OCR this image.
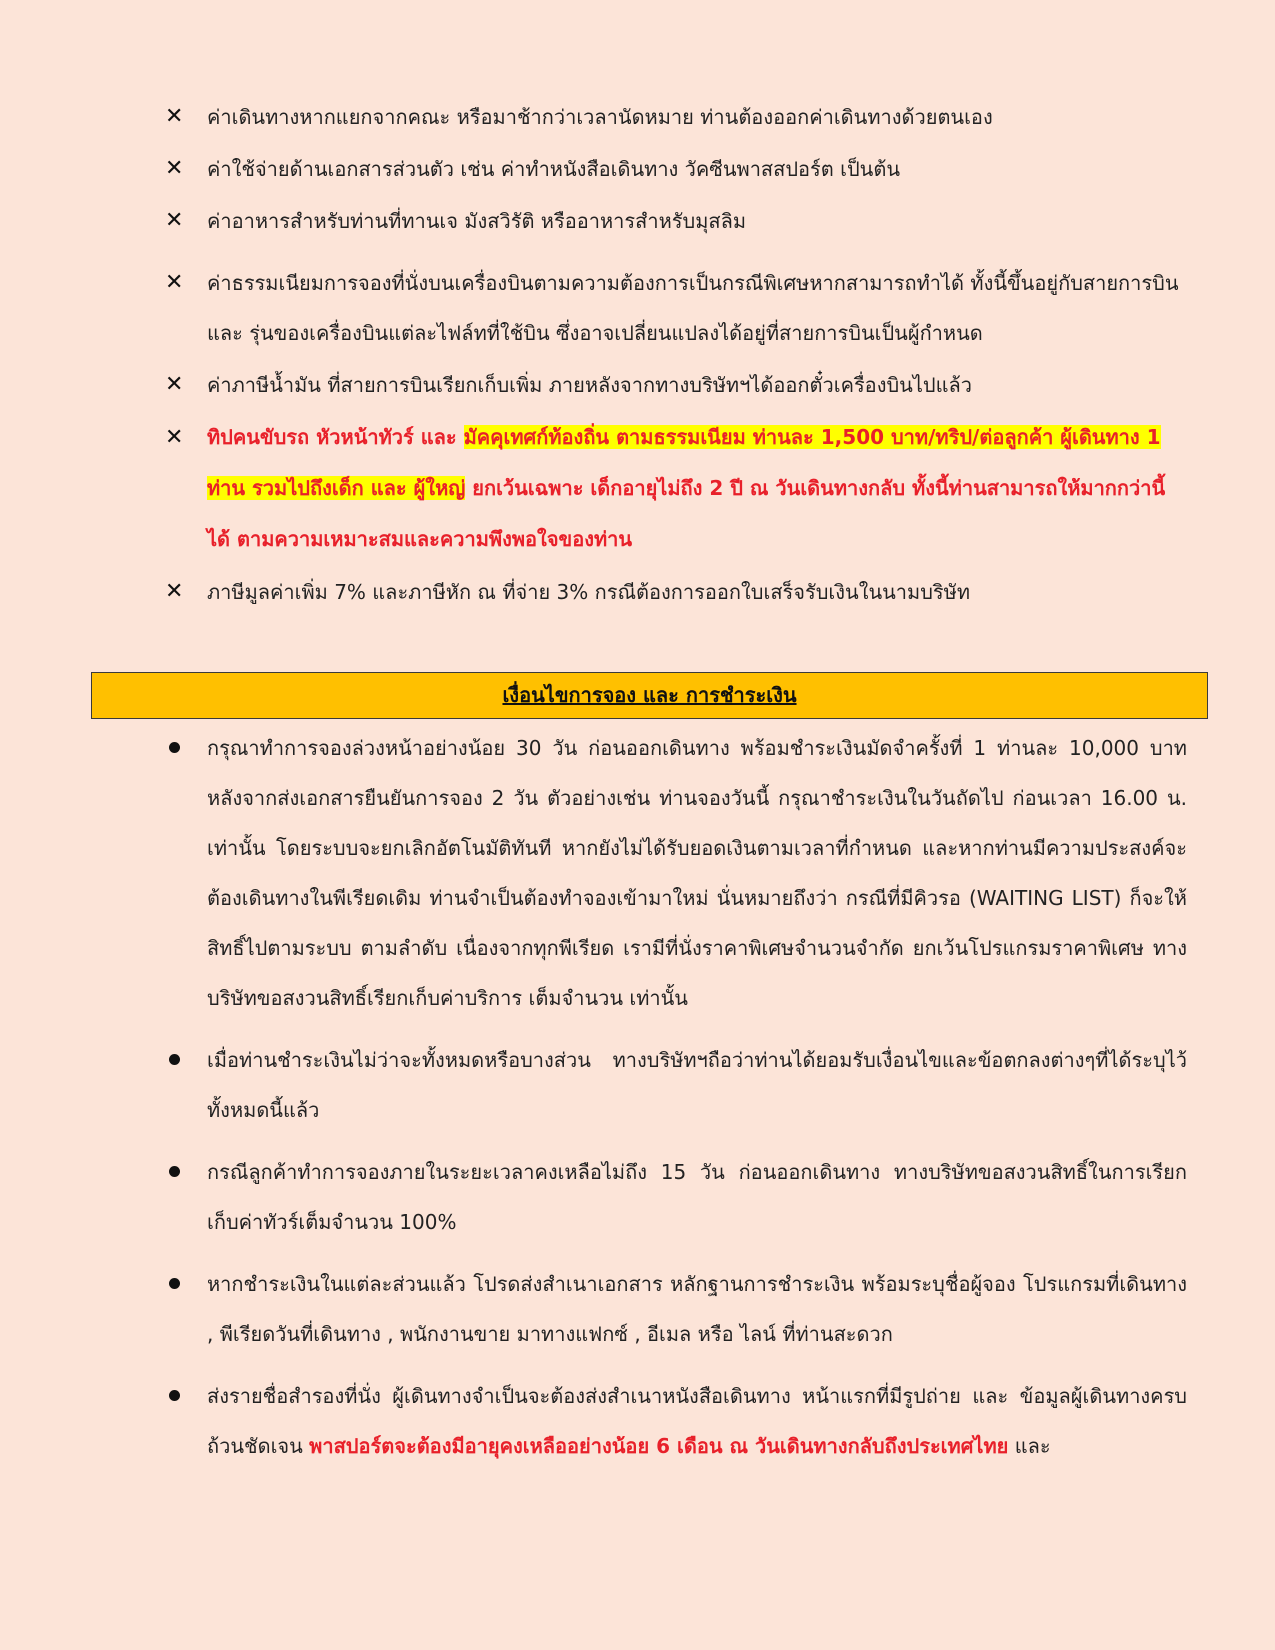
✕ ค่าเดินทางหากแยกจากคณะ หรือมาช้ากว่าเวลานัดหมาย ท่านต้องออกค่าเดินทางด้วยตนเอง
✕ ค่าใช้จ่ายด้านเอกสารส่วนตัว เช่น ค่าทำหนังสือเดินทาง วัคซีนพาสสปอร์ต เป็นต้น
✕ ค่าอาหารสำหรับท่านที่ทานเจ มังสวิรัติ หรืออาหารสำหรับมุสลิม
✕ ค่าธรรมเนียมการจองที่นั่งบนเครื่องบินตามความต้องการเป็นกรณีพิเศษหากสามารถทำได้ ทั้งนี้ขึ้นอยู่กับสายการบิน และ รุ่นของเครื่องบินแต่ละไฟล์ทที่ใช้บิน ซึ่งอาจเปลี่ยนแปลงได้อยู่ที่สายการบินเป็นผู้กำหนด
✕ ค่าภาษีน้ำมัน ที่สายการบินเรียกเก็บเพิ่ม ภายหลังจากทางบริษัทฯได้ออกตั๋วเครื่องบินไปแล้ว
✕ ทิปคนขับรถ หัวหน้าทัวร์ และ มัคคุเทศก์ท้องถิ่น ตามธรรมเนียม ท่านละ 1,500 บาท/ทริป/ต่อลูกค้า ผู้เดินทาง 1 ท่าน รวมไปถึงเด็ก และ ผู้ใหญ่ ยกเว้นเฉพาะ เด็กอายุไม่ถึง 2 ปี ณ วันเดินทางกลับ ทั้งนี้ท่านสามารถให้มากกว่านี้ได้ ตามความเหมาะสมและความพึงพอใจของท่าน
✕ ภาษีมูลค่าเพิ่ม 7% และภาษีหัก ณ ที่จ่าย 3% กรณีต้องการออกใบเสร็จรับเงินในนามบริษัท
เงื่อนไขการจอง และ การชำระเงิน
กรุณาทำการจองล่วงหน้าอย่างน้อย 30 วัน ก่อนออกเดินทาง พร้อมชำระเงินมัดจำครั้งที่ 1 ท่านละ 10,000 บาท หลังจากส่งเอกสารยืนยันการจอง 2 วัน ตัวอย่างเช่น ท่านจองวันนี้ กรุณาชำระเงินในวันถัดไป ก่อนเวลา 16.00 น. เท่านั้น โดยระบบจะยกเลิกอัตโนมัติทันที หากยังไม่ได้รับยอดเงินตามเวลาที่กำหนด และหากท่านมีความประสงค์จะต้องเดินทางในพีเรียดเดิม ท่านจำเป็นต้องทำจองเข้ามาใหม่ นั่นหมายถึงว่า กรณีที่มีคิวรอ (WAITING LIST) ก็จะให้สิทธิ์ไปตามระบบ ตามลำดับ เนื่องจากทุกพีเรียด เรามีที่นั่งราคาพิเศษจำนวนจำกัด ยกเว้นโปรแกรมราคาพิเศษ ทางบริษัทขอสงวนสิทธิ์เรียกเก็บค่าบริการ เต็มจำนวน เท่านั้น
เมื่อท่านชำระเงินไม่ว่าจะทั้งหมดหรือบางส่วน ทางบริษัทฯถือว่าท่านได้ยอมรับเงื่อนไขและข้อตกลงต่างๆที่ได้ระบุไว้ทั้งหมดนี้แล้ว
กรณีลูกค้าทำการจองภายในระยะเวลาคงเหลือไม่ถึง 15 วัน ก่อนออกเดินทาง ทางบริษัทขอสงวนสิทธิ์ในการเรียกเก็บค่าทัวร์เต็มจำนวน 100%
หากชำระเงินในแต่ละส่วนแล้ว โปรดส่งสำเนาเอกสาร หลักฐานการชำระเงิน พร้อมระบุชื่อผู้จอง โปรแกรมที่เดินทาง , พีเรียดวันที่เดินทาง , พนักงานขาย มาทางแฟกซ์ , อีเมล หรือ ไลน์ ที่ท่านสะดวก
ส่งรายชื่อสำรองที่นั่ง ผู้เดินทางจำเป็นจะต้องส่งสำเนาหนังสือเดินทาง หน้าแรกที่มีรูปถ่าย และ ข้อมูลผู้เดินทางครบถ้วนชัดเจน พาสปอร์ตจะต้องมีอายุคงเหลืออย่างน้อย 6 เดือน ณ วันเดินทางกลับถึงประเทศไทย และ
